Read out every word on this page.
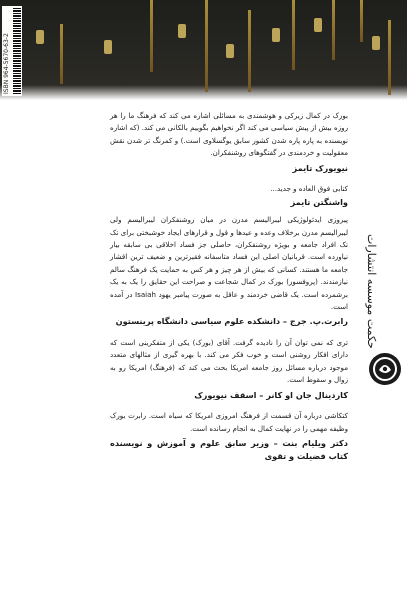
ISBN 964-5670-63-2

بورک در کمال زیرکی و هوشمندی به مسائلی اشاره می کند که فرهنگ ما را هر روزه بیش از پیش سیاسی می کند اگر نخواهیم بگوییم بالکانی می کند. (که اشاره نویسنده به پاره پاره شدن کشور سابق یوگسلاوی است.) و کمرنگ تر شدن نقش معقولیت و خردمندی در گفتگوهای روشنفکران.

نیویورک تایمز

کتابی فوق العاده و جدید...

واشنگتن تایمز

پیروزی ایدئولوژیکی لیبرالیسم مدرن در میان روشنفکران لیبرالیسم ولی لیبرالیسم مدرن برخلاف وعده و عیدها و قول و قرارهای ایجاد خوشبختی برای تک تک افراد جامعه و بویژه روشنفکران، حاصلی جز فساد اخلاقی بی سابقه بیار نیاورده است. قربانیان اصلی این فساد متاسفانه فقیرترین و ضعیف ترین اقشار جامعه ما هستند. کسانی که بیش از هر چیز و هر کس به حمایت یک فرهنگ سالم نیازمندند. (پروفسور) بورک در کمال شجاعت و صراحت این حقایق را یک به یک برشمرده است. یک قاضی خردمند و عاقل به صورت پیامبر یهود Isaiah در آمده است.

رابرت.پ. جرج – دانشکده علوم سیاسی دانشگاه پرینستون

تری که نمی توان آن را نادیده گرفت. آقای (بورک) یکی از متفکرینی است که دارای افکار روشنی است و خوب فکر می کند. با بهره گیری از مثالهای متعدد موجود درباره مسائل روز جامعه امریکا بحث می کند که (فرهنگ) امریکا رو به زوال و سقوط است.

کاردینال جان او کانر – اسقف نیویورک

کتکاشی درباره آن قسمت از فرهنگ امروزی امریکا که سیاه است. رابرت بورک وظیفه مهمی را در نهایت کمال به انجام رسانده است.

دکتر ویلیام بنت – وزیر سابق علوم و آموزش و نویسنده کتاب فضیلت و تقوی

حکمت موسسه انتشارات
